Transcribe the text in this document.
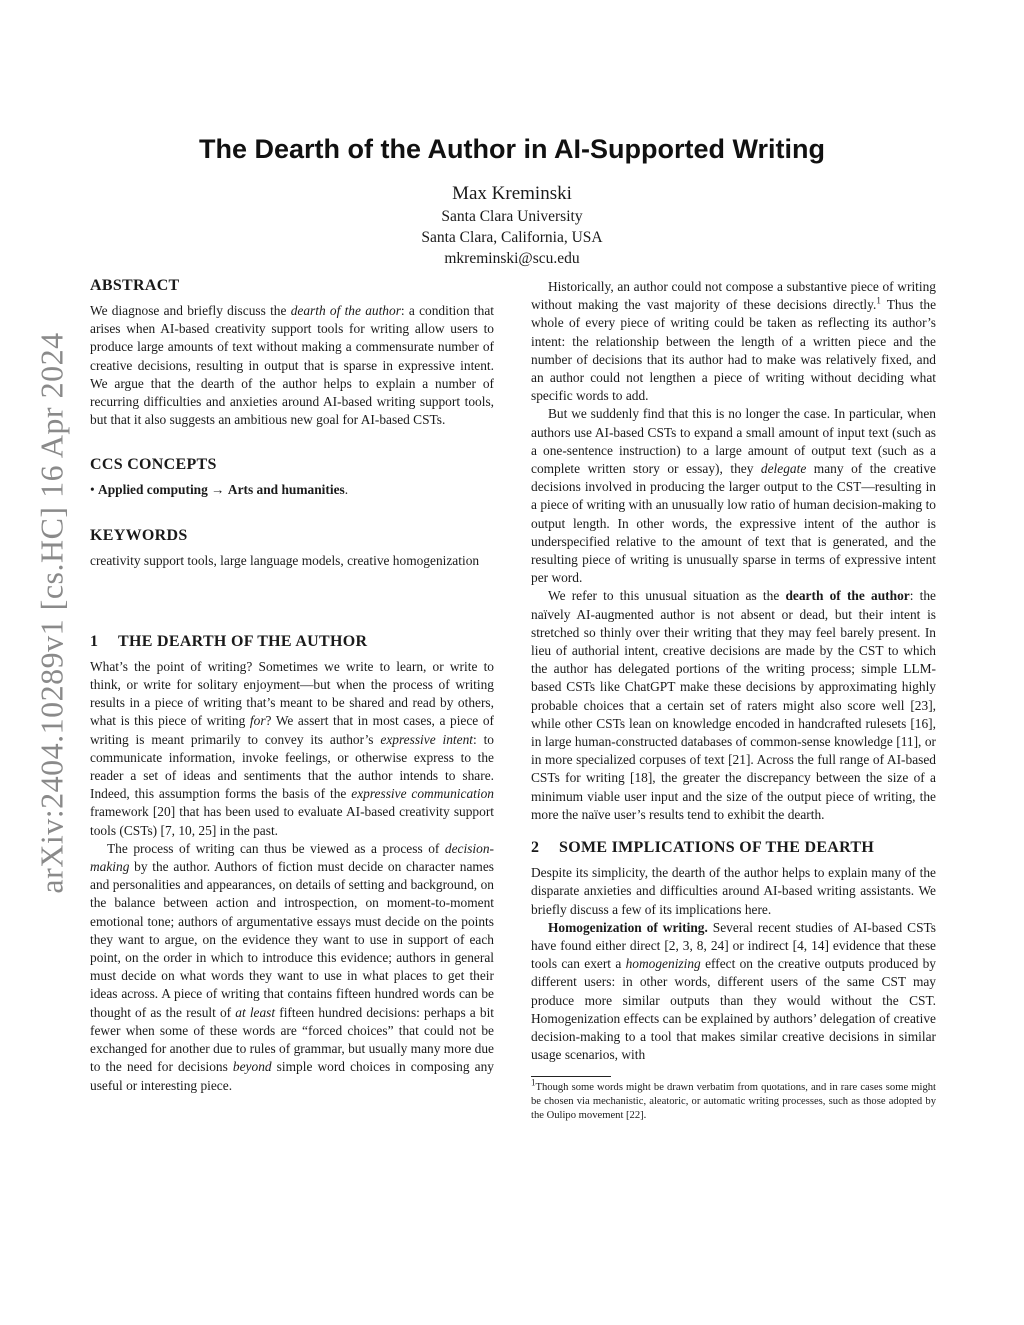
arXiv:2404.10289v1 [cs.HC] 16 Apr 2024
The Dearth of the Author in AI-Supported Writing
Max Kreminski
Santa Clara University
Santa Clara, California, USA
mkreminski@scu.edu
ABSTRACT

We diagnose and briefly discuss the dearth of the author: a condition that arises when AI-based creativity support tools for writing allow users to produce large amounts of text without making a commensurate number of creative decisions, resulting in output that is sparse in expressive intent. We argue that the dearth of the author helps to explain a number of recurring difficulties and anxieties around AI-based writing support tools, but that it also suggests an ambitious new goal for AI-based CSTs.

CCS CONCEPTS

• Applied computing → Arts and humanities.

KEYWORDS

creativity support tools, large language models, creative homogenization

1 THE DEARTH OF THE AUTHOR

What’s the point of writing? Sometimes we write to learn, or write to think, or write for solitary enjoyment—but when the process of writing results in a piece of writing that’s meant to be shared and read by others, what is this piece of writing for? We assert that in most cases, a piece of writing is meant primarily to convey its author’s expressive intent: to communicate information, invoke feelings, or otherwise express to the reader a set of ideas and sentiments that the author intends to share. Indeed, this assumption forms the basis of the expressive communication framework [20] that has been used to evaluate AI-based creativity support tools (CSTs) [7, 10, 25] in the past.

The process of writing can thus be viewed as a process of decision-making by the author. Authors of fiction must decide on character names and personalities and appearances, on details of setting and background, on the balance between action and introspection, on moment-to-moment emotional tone; authors of argumentative essays must decide on the points they want to argue, on the evidence they want to use in support of each point, on the order in which to introduce this evidence; authors in general must decide on what words they want to use in what places to get their ideas across. A piece of writing that contains fifteen hundred words can be thought of as the result of at least fifteen hundred decisions: perhaps a bit fewer when some of these words are “forced choices” that could not be exchanged for another due to rules of grammar, but usually many more due to the need for decisions beyond simple word choices in composing any useful or interesting piece.

Historically, an author could not compose a substantive piece of writing without making the vast majority of these decisions directly.$^1$ Thus the whole of every piece of writing could be taken as reflecting its author’s intent: the relationship between the length of a written piece and the number of decisions that its author had to make was relatively fixed, and an author could not lengthen a piece of writing without deciding what specific words to add.

But we suddenly find that this is no longer the case. In particular, when authors use AI-based CSTs to expand a small amount of input text (such as a one-sentence instruction) to a large amount of output text (such as a complete written story or essay), they delegate many of the creative decisions involved in producing the larger output to the CST—resulting in a piece of writing with an unusually low ratio of human decision-making to output length. In other words, the expressive intent of the author is underspecified relative to the amount of text that is generated, and the resulting piece of writing is unusually sparse in terms of expressive intent per word.

We refer to this unusual situation as the dearth of the author: the naïvely AI-augmented author is not absent or dead, but their intent is stretched so thinly over their writing that they may feel barely present. In lieu of authorial intent, creative decisions are made by the CST to which the author has delegated portions of the writing process; simple LLM-based CSTs like ChatGPT make these decisions by approximating highly probable choices that a certain set of raters might also score well [23], while other CSTs lean on knowledge encoded in handcrafted rulesets [16], in large human-constructed databases of common-sense knowledge [11], or in more specialized corpuses of text [21]. Across the full range of AI-based CSTs for writing [18], the greater the discrepancy between the size of a minimum viable user input and the size of the output piece of writing, the more the naïve user’s results tend to exhibit the dearth.

2 SOME IMPLICATIONS OF THE DEARTH

Despite its simplicity, the dearth of the author helps to explain many of the disparate anxieties and difficulties around AI-based writing assistants. We briefly discuss a few of its implications here.

Homogenization of writing. Several recent studies of AI-based CSTs have found either direct [2, 3, 8, 24] or indirect [4, 14] evidence that these tools can exert a homogenizing effect on the creative outputs produced by different users: in other words, different users of the same CST may produce more similar outputs than they would without the CST. Homogenization effects can be explained by authors’ delegation of creative decision-making to a tool that makes similar creative decisions in similar usage scenarios, with

$^1$Though some words might be drawn verbatim from quotations, and in rare cases some might be chosen via mechanistic, aleatoric, or automatic writing processes, such as those adopted by the Oulipo movement [22].
